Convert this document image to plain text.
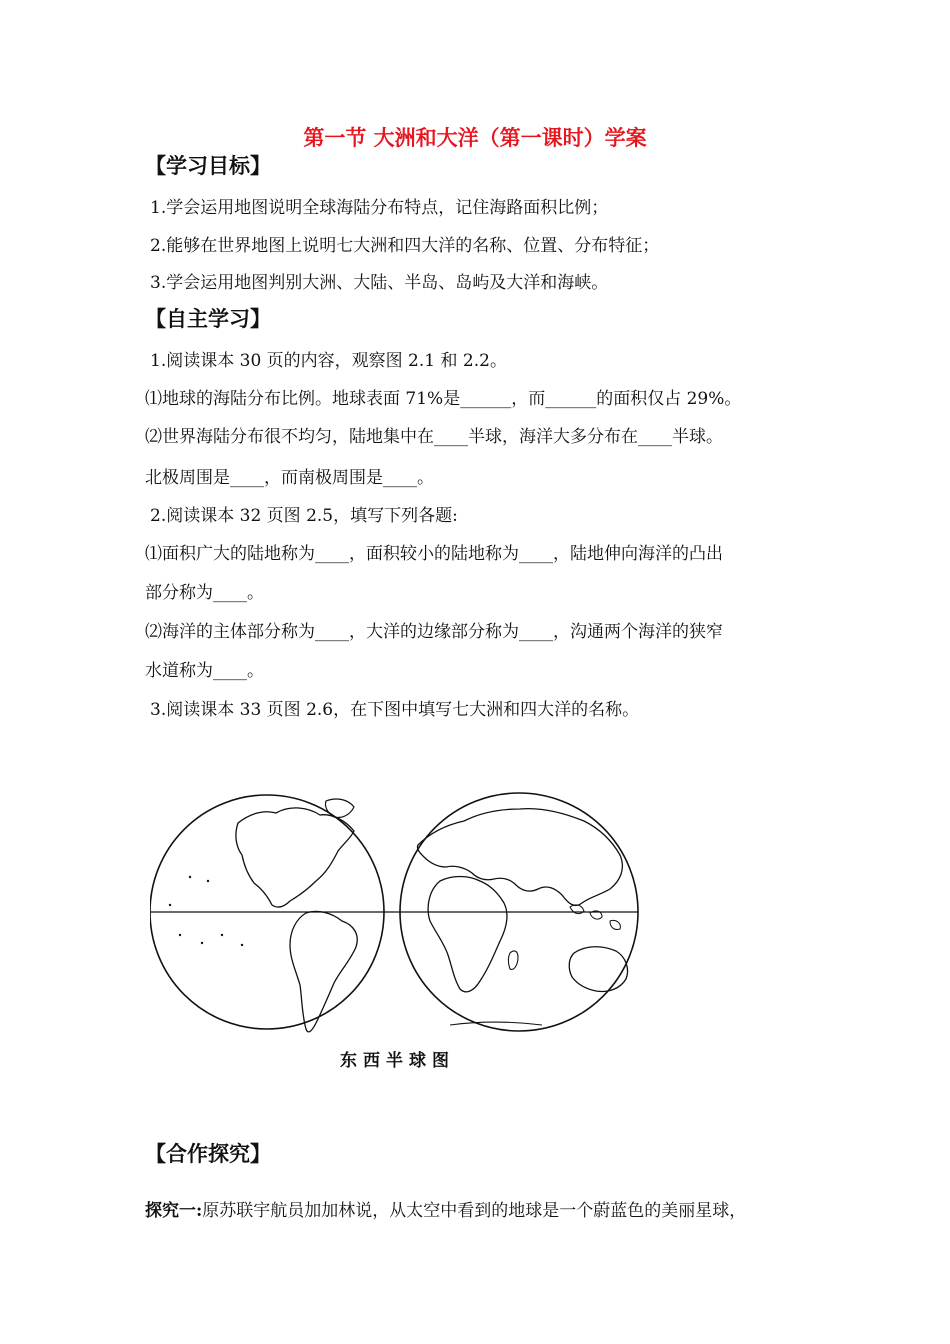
第一节 大洲和大洋（第一课时）学案
【学习目标】
1.学会运用地图说明全球海陆分布特点，记住海路面积比例；
2.能够在世界地图上说明七大洲和四大洋的名称、位置、分布特征；
3.学会运用地图判别大洲、大陆、半岛、岛屿及大洋和海峡。
【自主学习】
1.阅读课本 30 页的内容，观察图 2.1 和 2.2。
⑴地球的海陆分布比例。地球表面 71%是______，而______的面积仅占 29%。
⑵世界海陆分布很不均匀，陆地集中在____半球，海洋大多分布在____半球。
北极周围是____，而南极周围是____。
2.阅读课本 32 页图 2.5，填写下列各题:
⑴面积广大的陆地称为____，面积较小的陆地称为____，陆地伸向海洋的凸出
部分称为____。
⑵海洋的主体部分称为____，大洋的边缘部分称为____，沟通两个海洋的狭窄
水道称为____。
3.阅读课本 33 页图 2.6，在下图中填写七大洲和四大洋的名称。
东西半球图
【合作探究】
探究一:原苏联宇航员加加林说，从太空中看到的地球是一个蔚蓝色的美丽星球，
